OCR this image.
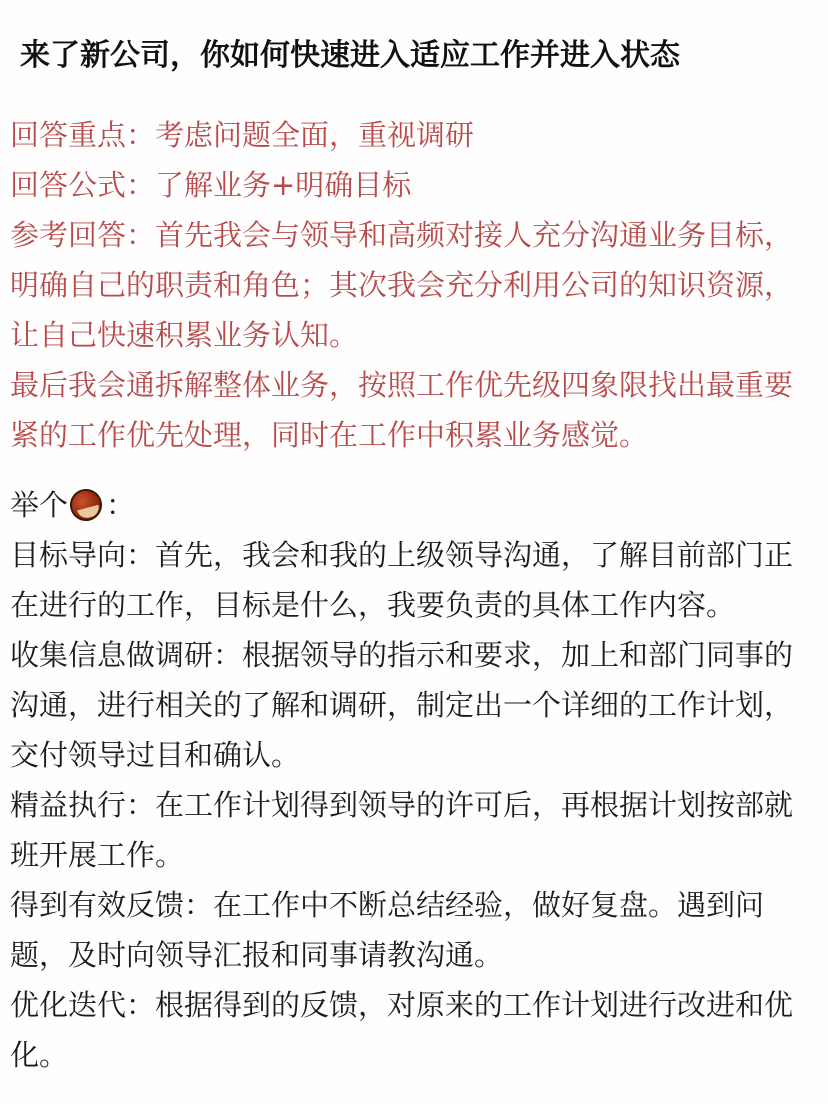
来了新公司，你如何快速进入适应工作并进入状态

回答重点：考虑问题全面，重视调研

回答公式：了解业务+明确目标

参考回答：首先我会与领导和高频对接人充分沟通业务目标，明确自己的职责和角色；其次我会充分利用公司的知识资源，让自己快速积累业务认知。

最后我会通拆解整体业务，按照工作优先级四象限找出最重要紧的工作优先处理，同时在工作中积累业务感觉。

举个 ：

目标导向：首先，我会和我的上级领导沟通，了解目前部门正在进行的工作，目标是什么，我要负责的具体工作内容。

收集信息做调研：根据领导的指示和要求，加上和部门同事的沟通，进行相关的了解和调研，制定出一个详细的工作计划，交付领导过目和确认。

精益执行：在工作计划得到领导的许可后，再根据计划按部就班开展工作。

得到有效反馈：在工作中不断总结经验，做好复盘。遇到问题，及时向领导汇报和同事请教沟通。

优化迭代：根据得到的反馈，对原来的工作计划进行改进和优化。
